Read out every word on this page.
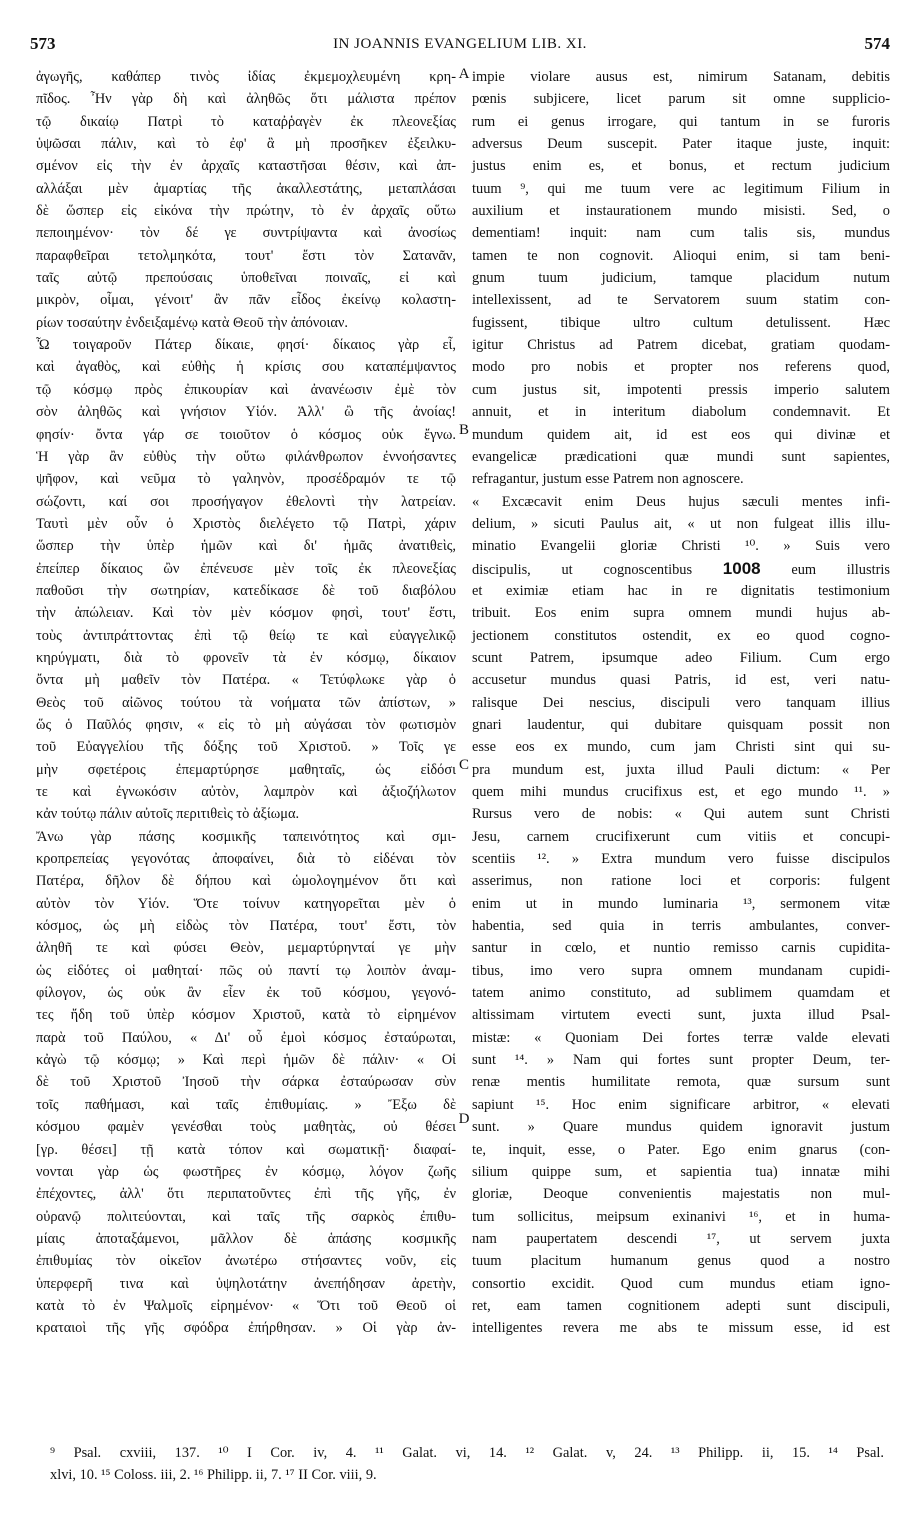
573	IN JOANNIS EVANGELIUM LIB. XI.	574
ἀγωγῆς, καθάπερ τινὸς ἰδίας ἐκμεμοχλευμένη κρη-
πῖδος. Ἦν γὰρ δὴ καὶ ἀληθῶς ὅτι μάλιστα πρέπον
τῷ δικαίῳ Πατρὶ τὸ καταῤῥαγὲν ἐκ πλεονεξίας
ὑψῶσαι πάλιν, καὶ τὸ ἐφ' ἃ μὴ προσῆκεν ἐξειλκυ-
σμένον εἰς τὴν ἐν ἀρχαῖς καταστῆσαι θέσιν, καὶ ἀπ-
αλλάξαι μὲν ἁμαρτίας τῆς ἀκαλλεστάτης, μεταπλάσαι
δὲ ὥσπερ εἰς εἰκόνα τὴν πρώτην, τὸ ἐν ἀρχαῖς οὕτω
πεποιημένον· τὸν δέ γε συντρίψαντα καὶ ἀνοσίως
παραφθεῖραι τετολμηκότα, τουτ' ἔστι τὸν Σατανᾶν,
ταῖς αὐτῷ πρεπούσαις ὑποθεῖναι ποιναῖς, εἰ καὶ
μικρὸν, οἶμαι, γένοιτ' ἂν πᾶν εἶδος ἐκείνῳ κολαστη-
ρίων τοσαύτην ἐνδειξαμένῳ κατὰ Θεοῦ τὴν ἀπόνοιαν.
Ὦ τοιγαροῦν Πάτερ δίκαιε, φησί· δίκαιος γὰρ εἶ,
καὶ ἀγαθὸς, καὶ εὐθὴς ἡ κρίσις σου καταπέμψαντος
τῷ κόσμῳ πρὸς ἐπικουρίαν καὶ ἀνανέωσιν ἐμὲ τὸν
σὸν ἀληθῶς καὶ γνήσιον Υἱόν. Ἀλλ' ὢ τῆς ἀνοίας!
φησίν· ὄντα γάρ σε τοιοῦτον ὁ κόσμος οὐκ ἔγνω.
Ἡ γὰρ ἂν εὐθὺς τὴν οὕτω φιλάνθρωπον ἐννοήσαντες
ψῆφον, καὶ νεῦμα τὸ γαληνὸν, προσέδραμόν τε τῷ
σώζοντι, καί σοι προσήγαγον ἐθελοντὶ τὴν λατρείαν.
Ταυτὶ μὲν οὖν ὁ Χριστὸς διελέγετο τῷ Πατρὶ, χάριν
ὥσπερ τὴν ὑπὲρ ἡμῶν καὶ δι' ἡμᾶς ἀνατιθεὶς,
ἐπείπερ δίκαιος ὢν ἐπένευσε μὲν τοῖς ἐκ πλεονεξίας
παθοῦσι τὴν σωτηρίαν, κατεδίκασε δὲ τοῦ διαβόλου
τὴν ἀπώλειαν. Καὶ τὸν μὲν κόσμον φησὶ, τουτ' ἔστι,
τοὺς ἀντιπράττοντας ἐπὶ τῷ θείῳ τε καὶ εὐαγγελικῷ
κηρύγματι, διὰ τὸ φρονεῖν τὰ ἐν κόσμῳ, δίκαιον
ὄντα μὴ μαθεῖν τὸν Πατέρα. « Τετύφλωκε γὰρ ὁ
Θεὸς τοῦ αἰῶνος τούτου τὰ νοήματα τῶν ἀπίστων, »
ὥς ὁ Παῦλός φησιν, « εἰς τὸ μὴ αὐγάσαι τὸν φωτισμὸν
τοῦ Εὐαγγελίου τῆς δόξης τοῦ Χριστοῦ. » Τοῖς γε
μὴν σφετέροις ἐπεμαρτύρησε μαθηταῖς, ὡς εἰδόσι
τε καὶ ἐγνωκόσιν αὐτὸν, λαμπρὸν καὶ ἀξιοζήλωτον
κἀν τούτῳ πάλιν αὐτοῖς περιτιθεὶς τὸ ἀξίωμα.
Ἄνω γὰρ πάσης κοσμικῆς ταπεινότητος καὶ σμι-
κροπρεπείας γεγονότας ἀποφαίνει, διὰ τὸ εἰδέναι τὸν
Πατέρα, δῆλον δὲ δήπου καὶ ὡμολογημένον ὅτι καὶ
αὐτὸν τὸν Υἱόν. Ὅτε τοίνυν κατηγορεῖται μὲν ὁ
κόσμος, ὡς μὴ εἰδὼς τὸν Πατέρα, τουτ' ἔστι, τὸν
ἀληθῆ τε καὶ φύσει Θεὸν, μεμαρτύρηνταί γε μὴν
ὡς εἰδότες οἱ μαθηταί· πῶς οὐ παντί τῳ λοιπὸν ἀναμ-
φίλογον, ὡς οὐκ ἂν εἶεν ἐκ τοῦ κόσμου, γεγονό-
τες ἤδη τοῦ ὑπὲρ κόσμον Χριστοῦ, κατὰ τὸ εἰρημένον
παρὰ τοῦ Παύλου, « Δι' οὗ ἐμοὶ κόσμος ἐσταύρωται,
κἀγὼ τῷ κόσμῳ; » Καὶ περὶ ἡμῶν δὲ πάλιν· « Οἱ
δὲ τοῦ Χριστοῦ Ἰησοῦ τὴν σάρκα ἐσταύρωσαν σὺν
τοῖς παθήμασι, καὶ ταῖς ἐπιθυμίαις. » Ἔξω δὲ
κόσμου φαμὲν γενέσθαι τοὺς μαθητὰς, οὐ θέσει
[γρ. θέσει] τῇ κατὰ τόπον καὶ σωματικῇ· διαφαί-
νονται γὰρ ὡς φωστῆρες ἐν κόσμῳ, λόγον ζωῆς
ἐπέχοντες, ἀλλ' ὅτι περιπατοῦντες ἐπὶ τῆς γῆς, ἐν
οὐρανῷ πολιτεύονται, καὶ ταῖς τῆς σαρκὸς ἐπιθυ-
μίαις ἀποταξάμενοι, μᾶλλον δὲ ἁπάσης κοσμικῆς
ἐπιθυμίας τὸν οἰκεῖον ἀνωτέρω στήσαντες νοῦν, εἰς
ὑπερφερῆ τινα καὶ ὑψηλοτάτην ἀνεπήδησαν ἀρετὴν,
κατὰ τὸ ἐν Ψαλμοῖς εἰρημένον· « Ὅτι τοῦ Θεοῦ οἱ
κραταιοὶ τῆς γῆς σφόδρα ἐπήρθησαν. » Οἱ γὰρ ἀν-
impie violare ausus est, nimirum Satanam, debitis
pœnis subjicere, licet parum sit omne supplicio-
rum ei genus irrogare, qui tantum in se furoris
adversus Deum suscepit. Pater itaque juste, inquit:
justus enim es, et bonus, et rectum judicium
tuum ⁹, qui me tuum vere ac legitimum Filium in
auxilium et instaurationem mundo misisti. Sed, o
dementiam! inquit: nam cum talis sis, mundus
tamen te non cognovit. Alioqui enim, si tam beni-
gnum tuum judicium, tamque placidum nutum
intellexissent, ad te Servatorem suum statim con-
fugissent, tibique ultro cultum detulissent. Hæc
igitur Christus ad Patrem dicebat, gratiam quodam-
modo pro nobis et propter nos referens quod,
cum justus sit, impotenti pressis imperio salutem
annuit, et in interitum diabolum condemnavit. Et
mundum quidem ait, id est eos qui divinæ et
evangelicæ prædicationi quæ mundi sunt sapientes,
refragantur, justum esse Patrem non agnoscere.
« Excæcavit enim Deus hujus sæculi mentes infi-
delium, » sicuti Paulus ait, « ut non fulgeat illis illu-
minatio Evangelii gloriæ Christi ¹⁰. » Suis vero
discipulis, ut cognoscentibus 1008 eum illustris
et eximiæ etiam hac in re dignitatis testimonium
tribuit. Eos enim supra omnem mundi hujus ab-
jectionem constitutos ostendit, ex eo quod cogno-
scunt Patrem, ipsumque adeo Filium. Cum ergo
accusetur mundus quasi Patris, id est, veri natu-
ralisque Dei nescius, discipuli vero tanquam illius
gnari laudentur, qui dubitare quisquam possit non
esse eos ex mundo, cum jam Christi sint qui su-
pra mundum est, juxta illud Pauli dictum: « Per
quem mihi mundus crucifixus est, et ego mundo ¹¹. »
Rursus vero de nobis: « Qui autem sunt Christi
Jesu, carnem crucifixerunt cum vitiis et concupi-
scentiis ¹². » Extra mundum vero fuisse discipulos
asserimus, non ratione loci et corporis: fulgent
enim ut in mundo luminaria ¹³, sermonem vitæ
habentia, sed quia in terris ambulantes, conver-
santur in cœlo, et nuntio remisso carnis cupidita-
tibus, imo vero supra omnem mundanam cupidi-
tatem animo constituto, ad sublimem quamdam et
altissimam virtutem evecti sunt, juxta illud Psal-
mistæ: « Quoniam Dei fortes terræ valde elevati
sunt ¹⁴. » Nam qui fortes sunt propter Deum, ter-
renæ mentis humilitate remota, quæ sursum sunt
sapiunt ¹⁵. Hoc enim significare arbitror, « elevati
sunt. » Quare mundus quidem ignoravit justum
te, inquit, esse, o Pater. Ego enim gnarus (con-
silium quippe sum, et sapientia tua) innatæ mihi
gloriæ, Deoque convenientis majestatis non mul-
tum sollicitus, meipsum exinanivi ¹⁶, et in huma-
nam paupertatem descendi ¹⁷, ut servem juxta
tuum placitum humanum genus quod a nostro
consortio excidit. Quod cum mundus etiam igno-
ret, eam tamen cognitionem adepti sunt discipuli,
intelligentes revera me abs te missum esse, id est
A
B
C
D
⁹ Psal. cxviii, 137. ¹⁰ I Cor. iv, 4. ¹¹ Galat. vi, 14. ¹² Galat. v, 24. ¹³ Philipp. ii, 15. ¹⁴ Psal.
xlvi, 10. ¹⁵ Coloss. iii, 2. ¹⁶ Philipp. ii, 7. ¹⁷ II Cor. viii, 9.
